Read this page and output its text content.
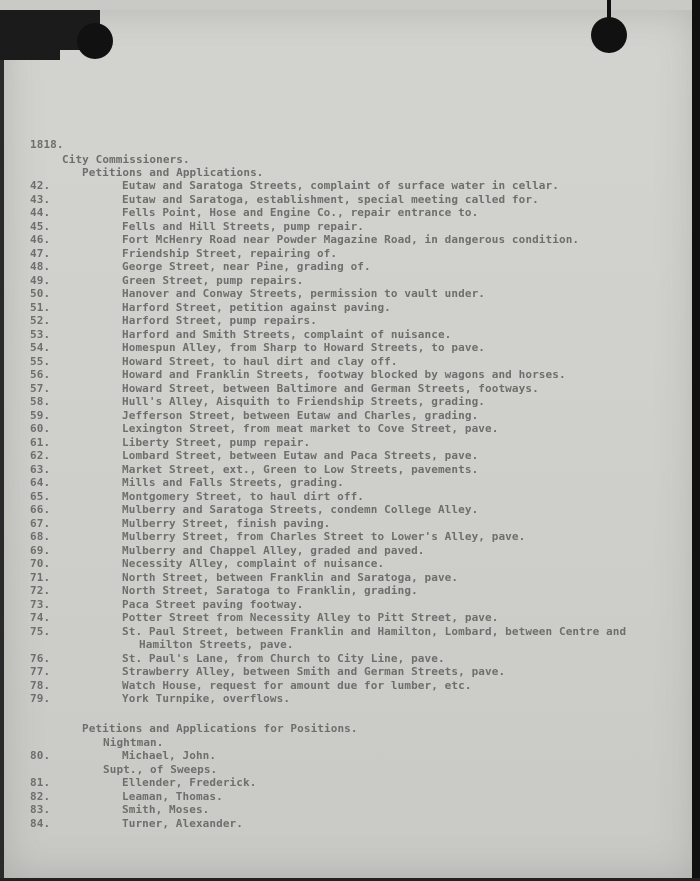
1818.
City Commissioners.
Petitions and Applications.
42.	Eutaw and Saratoga Streets, complaint of surface water in cellar.
43.	Eutaw and Saratoga, establishment, special meeting called for.
44.	Fells Point, Hose and Engine Co., repair entrance to.
45.	Fells and Hill Streets, pump repair.
46.	Fort McHenry Road near Powder Magazine Road, in dangerous condition.
47.	Friendship Street, repairing of.
48.	George Street, near Pine, grading of.
49.	Green Street, pump repairs.
50.	Hanover and Conway Streets, permission to vault under.
51.	Harford Street, petition against paving.
52.	Harford Street, pump repairs.
53.	Harford and Smith Streets, complaint of nuisance.
54.	Homespun Alley, from Sharp to Howard Streets, to pave.
55.	Howard Street, to haul dirt and clay off.
56.	Howard and Franklin Streets, footway blocked by wagons and horses.
57.	Howard Street, between Baltimore and German Streets, footways.
58.	Hull's Alley, Aisquith to Friendship Streets, grading.
59.	Jefferson Street, between Eutaw and Charles, grading.
60.	Lexington Street, from meat market to Cove Street, pave.
61.	Liberty Street, pump repair.
62.	Lombard Street, between Eutaw and Paca Streets, pave.
63.	Market Street, ext., Green to Low Streets, pavements.
64.	Mills and Falls Streets, grading.
65.	Montgomery Street, to haul dirt off.
66.	Mulberry and Saratoga Streets, condemn College Alley.
67.	Mulberry Street, finish paving.
68.	Mulberry Street, from Charles Street to Lower's Alley, pave.
69.	Mulberry and Chappel Alley, graded and paved.
70.	Necessity Alley, complaint of nuisance.
71.	North Street, between Franklin and Saratoga, pave.
72.	North Street, Saratoga to Franklin, grading.
73.	Paca Street paving footway.
74.	Potter Street from Necessity Alley to Pitt Street, pave.
75.	St. Paul Street, between Franklin and Hamilton, Lombard, between Centre and
Hamilton Streets, pave.
76.	St. Paul's Lane, from Church to City Line, pave.
77.	Strawberry Alley, between Smith and German Streets, pave.
78.	Watch House, request for amount due for lumber, etc.
79.	York Turnpike, overflows.
Petitions and Applications for Positions.
Nightman.
80.	Michael, John.
Supt., of Sweeps.
81.	Ellender, Frederick.
82.	Leaman, Thomas.
83.	Smith, Moses.
84.	Turner, Alexander.
